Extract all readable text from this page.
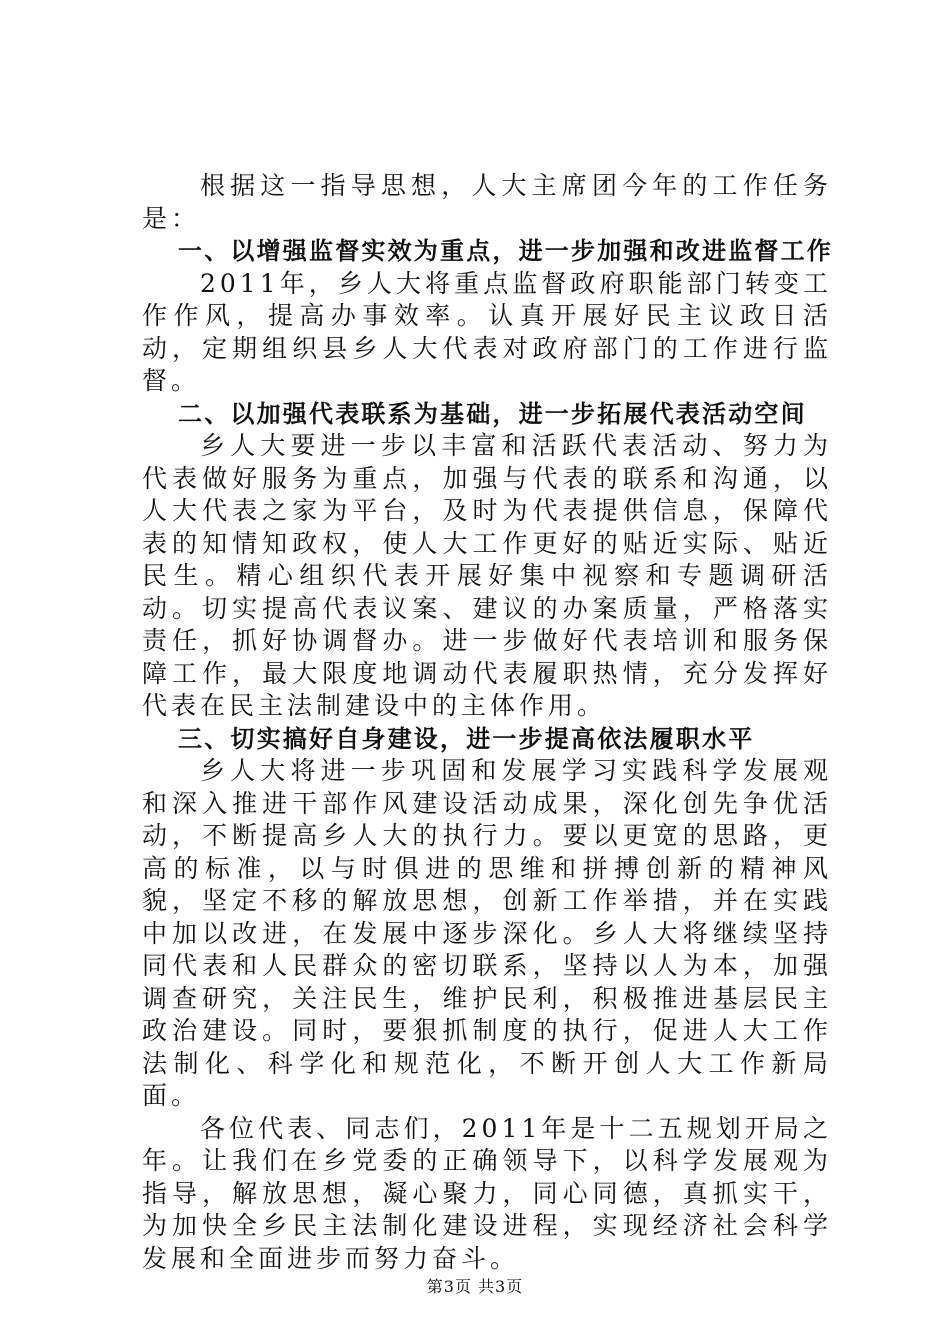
根据这一指导思想，人大主席团今年的工作任务是：

一、以增强监督实效为重点，进一步加强和改进监督工作

2011年，乡人大将重点监督政府职能部门转变工作作风，提高办事效率。认真开展好民主议政日活动，定期组织县乡人大代表对政府部门的工作进行监督。

二、以加强代表联系为基础，进一步拓展代表活动空间

乡人大要进一步以丰富和活跃代表活动、努力为代表做好服务为重点，加强与代表的联系和沟通，以人大代表之家为平台，及时为代表提供信息，保障代表的知情知政权，使人大工作更好的贴近实际、贴近民生。精心组织代表开展好集中视察和专题调研活动。切实提高代表议案、建议的办案质量，严格落实责任，抓好协调督办。进一步做好代表培训和服务保障工作，最大限度地调动代表履职热情，充分发挥好代表在民主法制建设中的主体作用。

三、切实搞好自身建设，进一步提高依法履职水平

乡人大将进一步巩固和发展学习实践科学发展观和深入推进干部作风建设活动成果，深化创先争优活动，不断提高乡人大的执行力。要以更宽的思路，更高的标准，以与时俱进的思维和拼搏创新的精神风貌，坚定不移的解放思想，创新工作举措，并在实践中加以改进，在发展中逐步深化。乡人大将继续坚持同代表和人民群众的密切联系，坚持以人为本，加强调查研究，关注民生，维护民利，积极推进基层民主政治建设。同时，要狠抓制度的执行，促进人大工作法制化、科学化和规范化，不断开创人大工作新局面。

各位代表、同志们，2011年是十二五规划开局之年。让我们在乡党委的正确领导下，以科学发展观为指导，解放思想，凝心聚力，同心同德，真抓实干，为加快全乡民主法制化建设进程，实现经济社会科学发展和全面进步而努力奋斗。

第3页 共3页
